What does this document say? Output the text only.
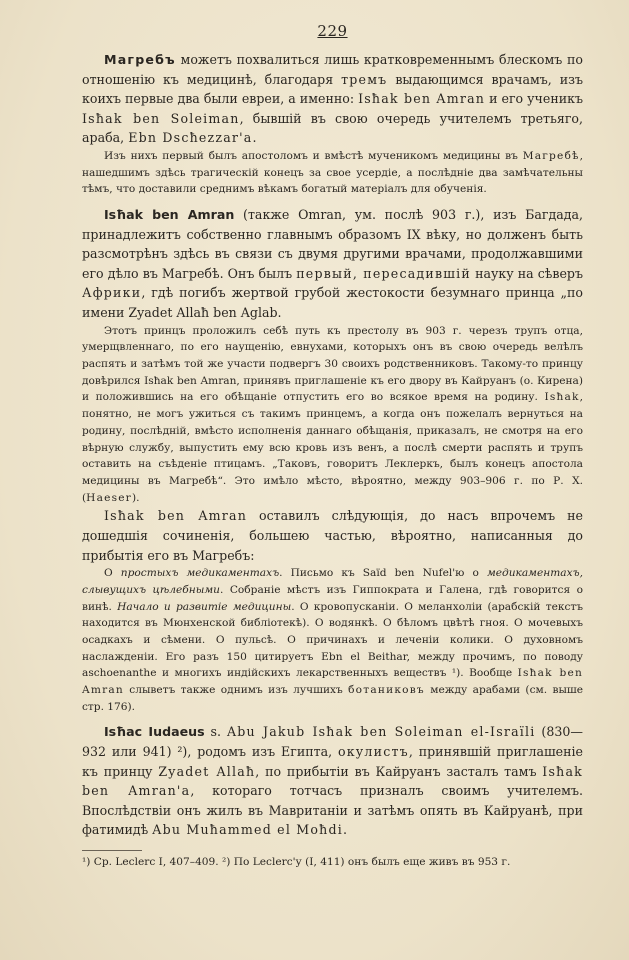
229

Магребъ можетъ похвалиться лишь кратковременнымъ блескомъ по отношенію къ медицинѣ, благодаря тремъ выдающимся врачамъ, изъ коихъ первые два были евреи, а именно: Isħak ben Amran и его ученикъ Isħak ben Soleiman, бывшій въ свою очередь учителемъ третьяго, араба, Ebn Dscħezzar'a.

Изъ нихъ первый былъ апостоломъ и вмѣстѣ мученикомъ медицины въ Магребѣ, нашедшимъ здѣсь трагическій конецъ за свое усердіе, а послѣдніе два замѣчательны тѣмъ, что доставили среднимъ вѣкамъ богатый матеріалъ для обученія.

Isħak ben Amran (также Omran, ум. послѣ 903 г.), изъ Багдада, принадлежитъ собственно главнымъ образомъ IX вѣку, но долженъ быть разсмотрѣнъ здѣсь въ связи съ двумя другими врачами, продолжавшими его дѣло въ Магребѣ. Онъ былъ первый, пересадившій науку на сѣверъ Африки, гдѣ погибъ жертвой грубой жестокости безумнаго принца „по имени Zyadet Allaħ ben Aglab.

Этотъ принцъ проложилъ себѣ путь къ престолу въ 903 г. черезъ трупъ отца, умерщвленнаго, по его наущенію, евнухами, которыхъ онъ въ свою очередь велѣлъ распять и затѣмъ той же участи подвергъ 30 своихъ родственниковъ. Такому-то принцу довѣрился Isħak ben Amran, принявъ приглашеніе къ его двору въ Кайруанъ (о. Кирена) и положившись на его обѣщаніе отпустить его во всякое время на родину. Isħak, понятно, не могъ ужиться съ такимъ принцемъ, а когда онъ пожелалъ вернуться на родину, послѣдній, вмѣсто исполненія даннаго обѣщанія, приказалъ, не смотря на его вѣрную службу, выпустить ему всю кровь изъ венъ, а послѣ смерти распять и трупъ оставить на съѣденіе птицамъ. „Таковъ, говоритъ Леклеркъ, былъ конецъ апостола медицины въ Магребѣ“. Это имѣло мѣсто, вѣроятно, между 903–906 г. по Р. Х. (Haeser).

Isħak ben Amran оставилъ слѣдующія, до насъ впрочемъ не дошедшія сочиненія, большею частью, вѣроятно, написанныя до прибытія его въ Магребъ:

О простыхъ медикаментахъ. Письмо къ Saïd ben Nufel'ю о медикаментахъ, слывущихъ цѣлебными. Собраніе мѣстъ изъ Гиппократа и Галена, гдѣ говорится о винѣ. Начало и развитіе медицины. О кровопусканіи. О меланхоліи (арабскій текстъ находится въ Мюнхенской библіотекѣ). О водянкѣ. О бѣломъ цвѣтѣ гноя. О мочевыхъ осадкахъ и сѣмени. О пульсѣ. О причинахъ и леченіи колики. О духовномъ наслажденіи. Его разъ 150 цитируетъ Ebn el Beithar, между прочимъ, по поводу aschoenanthe и многихъ индійскихъ лекарственныхъ веществъ ¹). Вообще Isħak ben Amran слыветъ также однимъ изъ лучшихъ ботаниковъ между арабами (см. выше стр. 176).

Isħac Iudaeus s. Abu Jakub Isħak ben Soleiman el-Israïli (830—932 или 941) ²), родомъ изъ Египта, окулистъ, принявшій приглашеніе къ принцу Zyadet Allaħ, по прибытіи въ Кайруанъ засталъ тамъ Isħak ben Amran'a, котораго тотчасъ призналъ своимъ учителемъ. Впослѣдствіи онъ жилъ въ Мавританіи и затѣмъ опять въ Кайруанѣ, при фатимидѣ Abu Muħammed el Moħdi.

¹) Ср. Leclerc I, 407–409. ²) По Leclerc'у (I, 411) онъ былъ еще живъ въ 953 г.
